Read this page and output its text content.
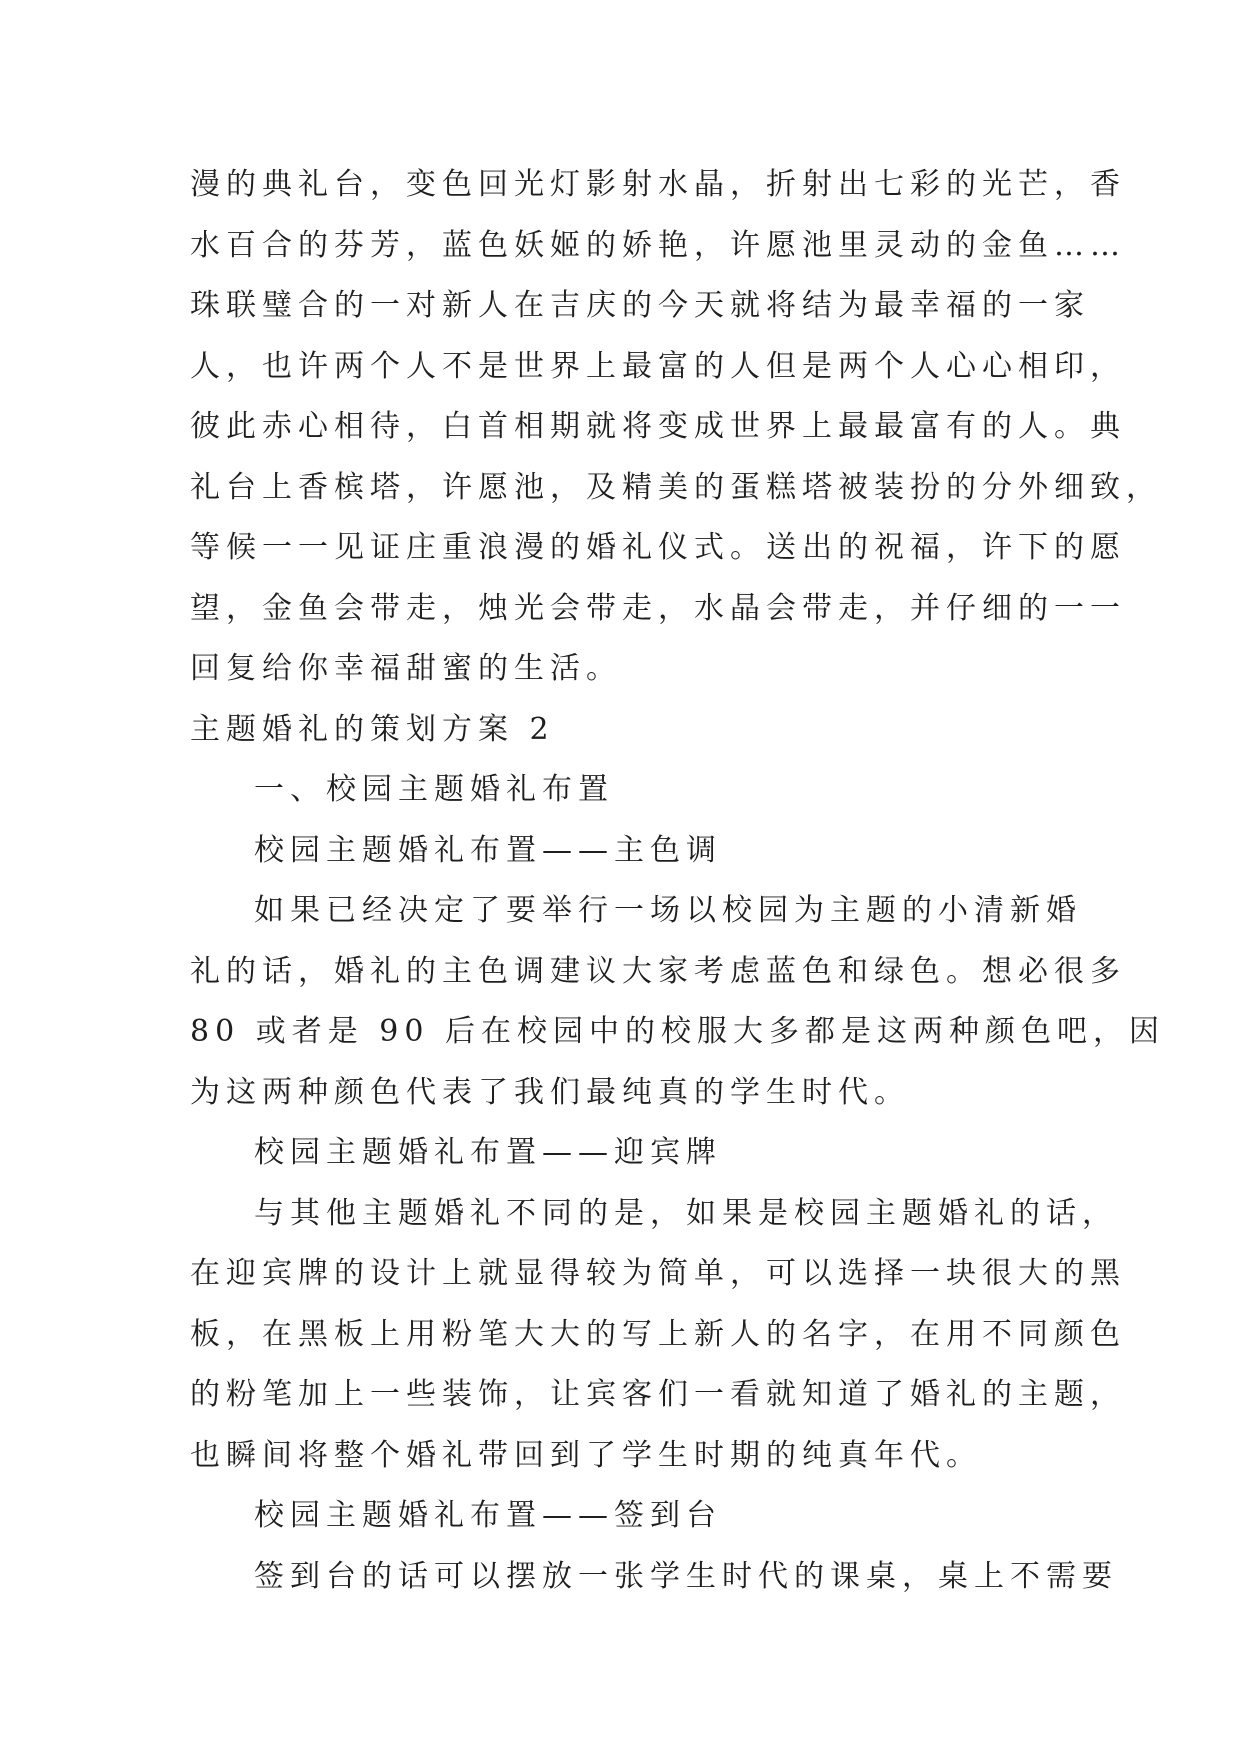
漫的典礼台，变色回光灯影射水晶，折射出七彩的光芒，香
水百合的芬芳，蓝色妖姬的娇艳，许愿池里灵动的金鱼……
珠联璧合的一对新人在吉庆的今天就将结为最幸福的一家
人，也许两个人不是世界上最富的人但是两个人心心相印，
彼此赤心相待，白首相期就将变成世界上最最富有的人。典
礼台上香槟塔，许愿池，及精美的蛋糕塔被装扮的分外细致，
等候一一见证庄重浪漫的婚礼仪式。送出的祝福，许下的愿
望，金鱼会带走，烛光会带走，水晶会带走，并仔细的一一
回复给你幸福甜蜜的生活。
主题婚礼的策划方案 2
一、校园主题婚礼布置
校园主题婚礼布置——主色调
如果已经决定了要举行一场以校园为主题的小清新婚
礼的话，婚礼的主色调建议大家考虑蓝色和绿色。想必很多
80 或者是 90 后在校园中的校服大多都是这两种颜色吧，因
为这两种颜色代表了我们最纯真的学生时代。
校园主题婚礼布置——迎宾牌
与其他主题婚礼不同的是，如果是校园主题婚礼的话，
在迎宾牌的设计上就显得较为简单，可以选择一块很大的黑
板，在黑板上用粉笔大大的写上新人的名字，在用不同颜色
的粉笔加上一些装饰，让宾客们一看就知道了婚礼的主题，
也瞬间将整个婚礼带回到了学生时期的纯真年代。
校园主题婚礼布置——签到台
签到台的话可以摆放一张学生时代的课桌，桌上不需要
